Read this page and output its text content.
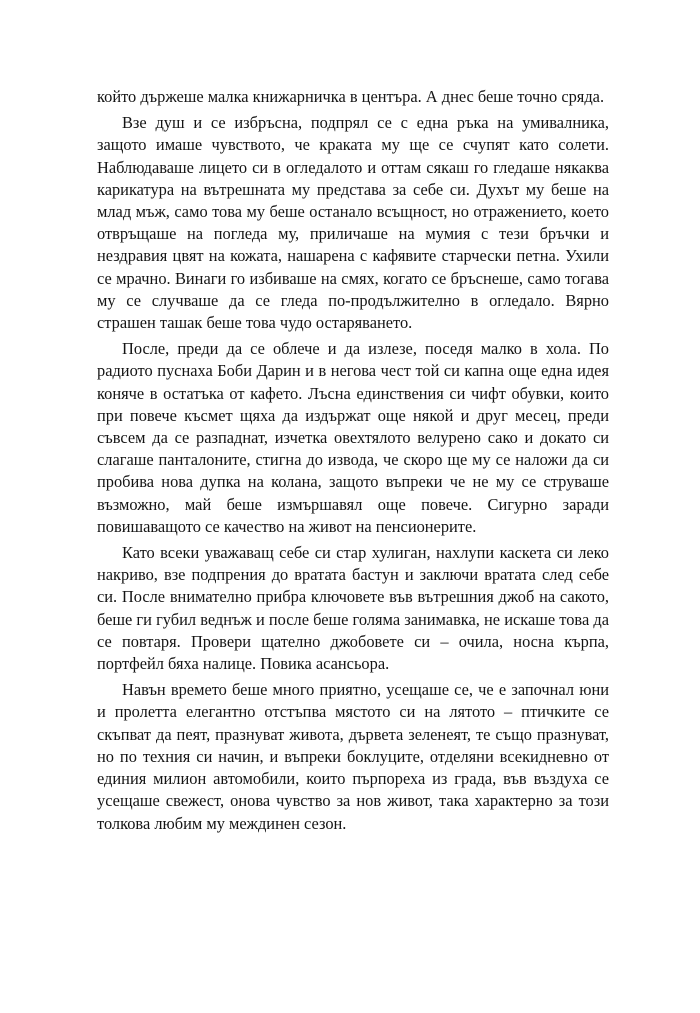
който държеше малка книжарничка в центъра. А днес беше точно сряда.

Взе душ и се избръсна, подпрял се с една ръка на умивалника, защото имаше чувството, че краката му ще се счупят като солети. Наблюдаваше лицето си в огледалото и оттам сякаш го гледаше някаква карикатура на вътрешната му представа за себе си. Духът му беше на млад мъж, само това му беше останало всъщност, но отражението, което отвръщаше на погледа му, приличаше на мумия с тези бръчки и нездравия цвят на кожата, нашарена с кафявите старчески петна. Ухили се мрачно. Винаги го избиваше на смях, когато се бръснеше, само тогава му се случваше да се гледа по-продължително в огледало. Вярно страшен ташак беше това чудо остаряването.

После, преди да се облече и да излезе, поседя малко в хола. По радиото пуснаха Боби Дарин и в негова чест той си капна още една идея коняче в остатъка от кафето. Лъсна единствения си чифт обувки, които при повече късмет щяха да издържат още някой и друг месец, преди съвсем да се разпаднат, изчетка овехтялото велурено сако и докато си слагаше панталоните, стигна до извода, че скоро ще му се наложи да си пробива нова дупка на колана, защото въпреки че не му се струваше възможно, май беше измършавял още повече. Сигурно заради повишаващото се качество на живот на пенсионерите.

Като всеки уважаващ себе си стар хулиган, нахлупи каскета си леко накриво, взе подпрения до вратата бастун и заключи вратата след себе си. После внимателно прибра ключовете във вътрешния джоб на сакото, беше ги губил веднъж и после беше голяма занимавка, не искаше това да се повтаря. Провери щателно джобовете си – очила, носна кърпа, портфейл бяха налице. Повика асансьора.

Навън времето беше много приятно, усещаше се, че е започнал юни и пролетта елегантно отстъпва мястото си на лятото – птичките се скъпват да пеят, празнуват живота, дървета зеленеят, те също празнуват, но по техния си начин, и въпреки боклуците, отделяни всекидневно от единия милион автомобили, които пърпореха из града, във въздуха се усещаше свежест, онова чувство за нов живот, така характерно за този толкова любим му междинен сезон.
